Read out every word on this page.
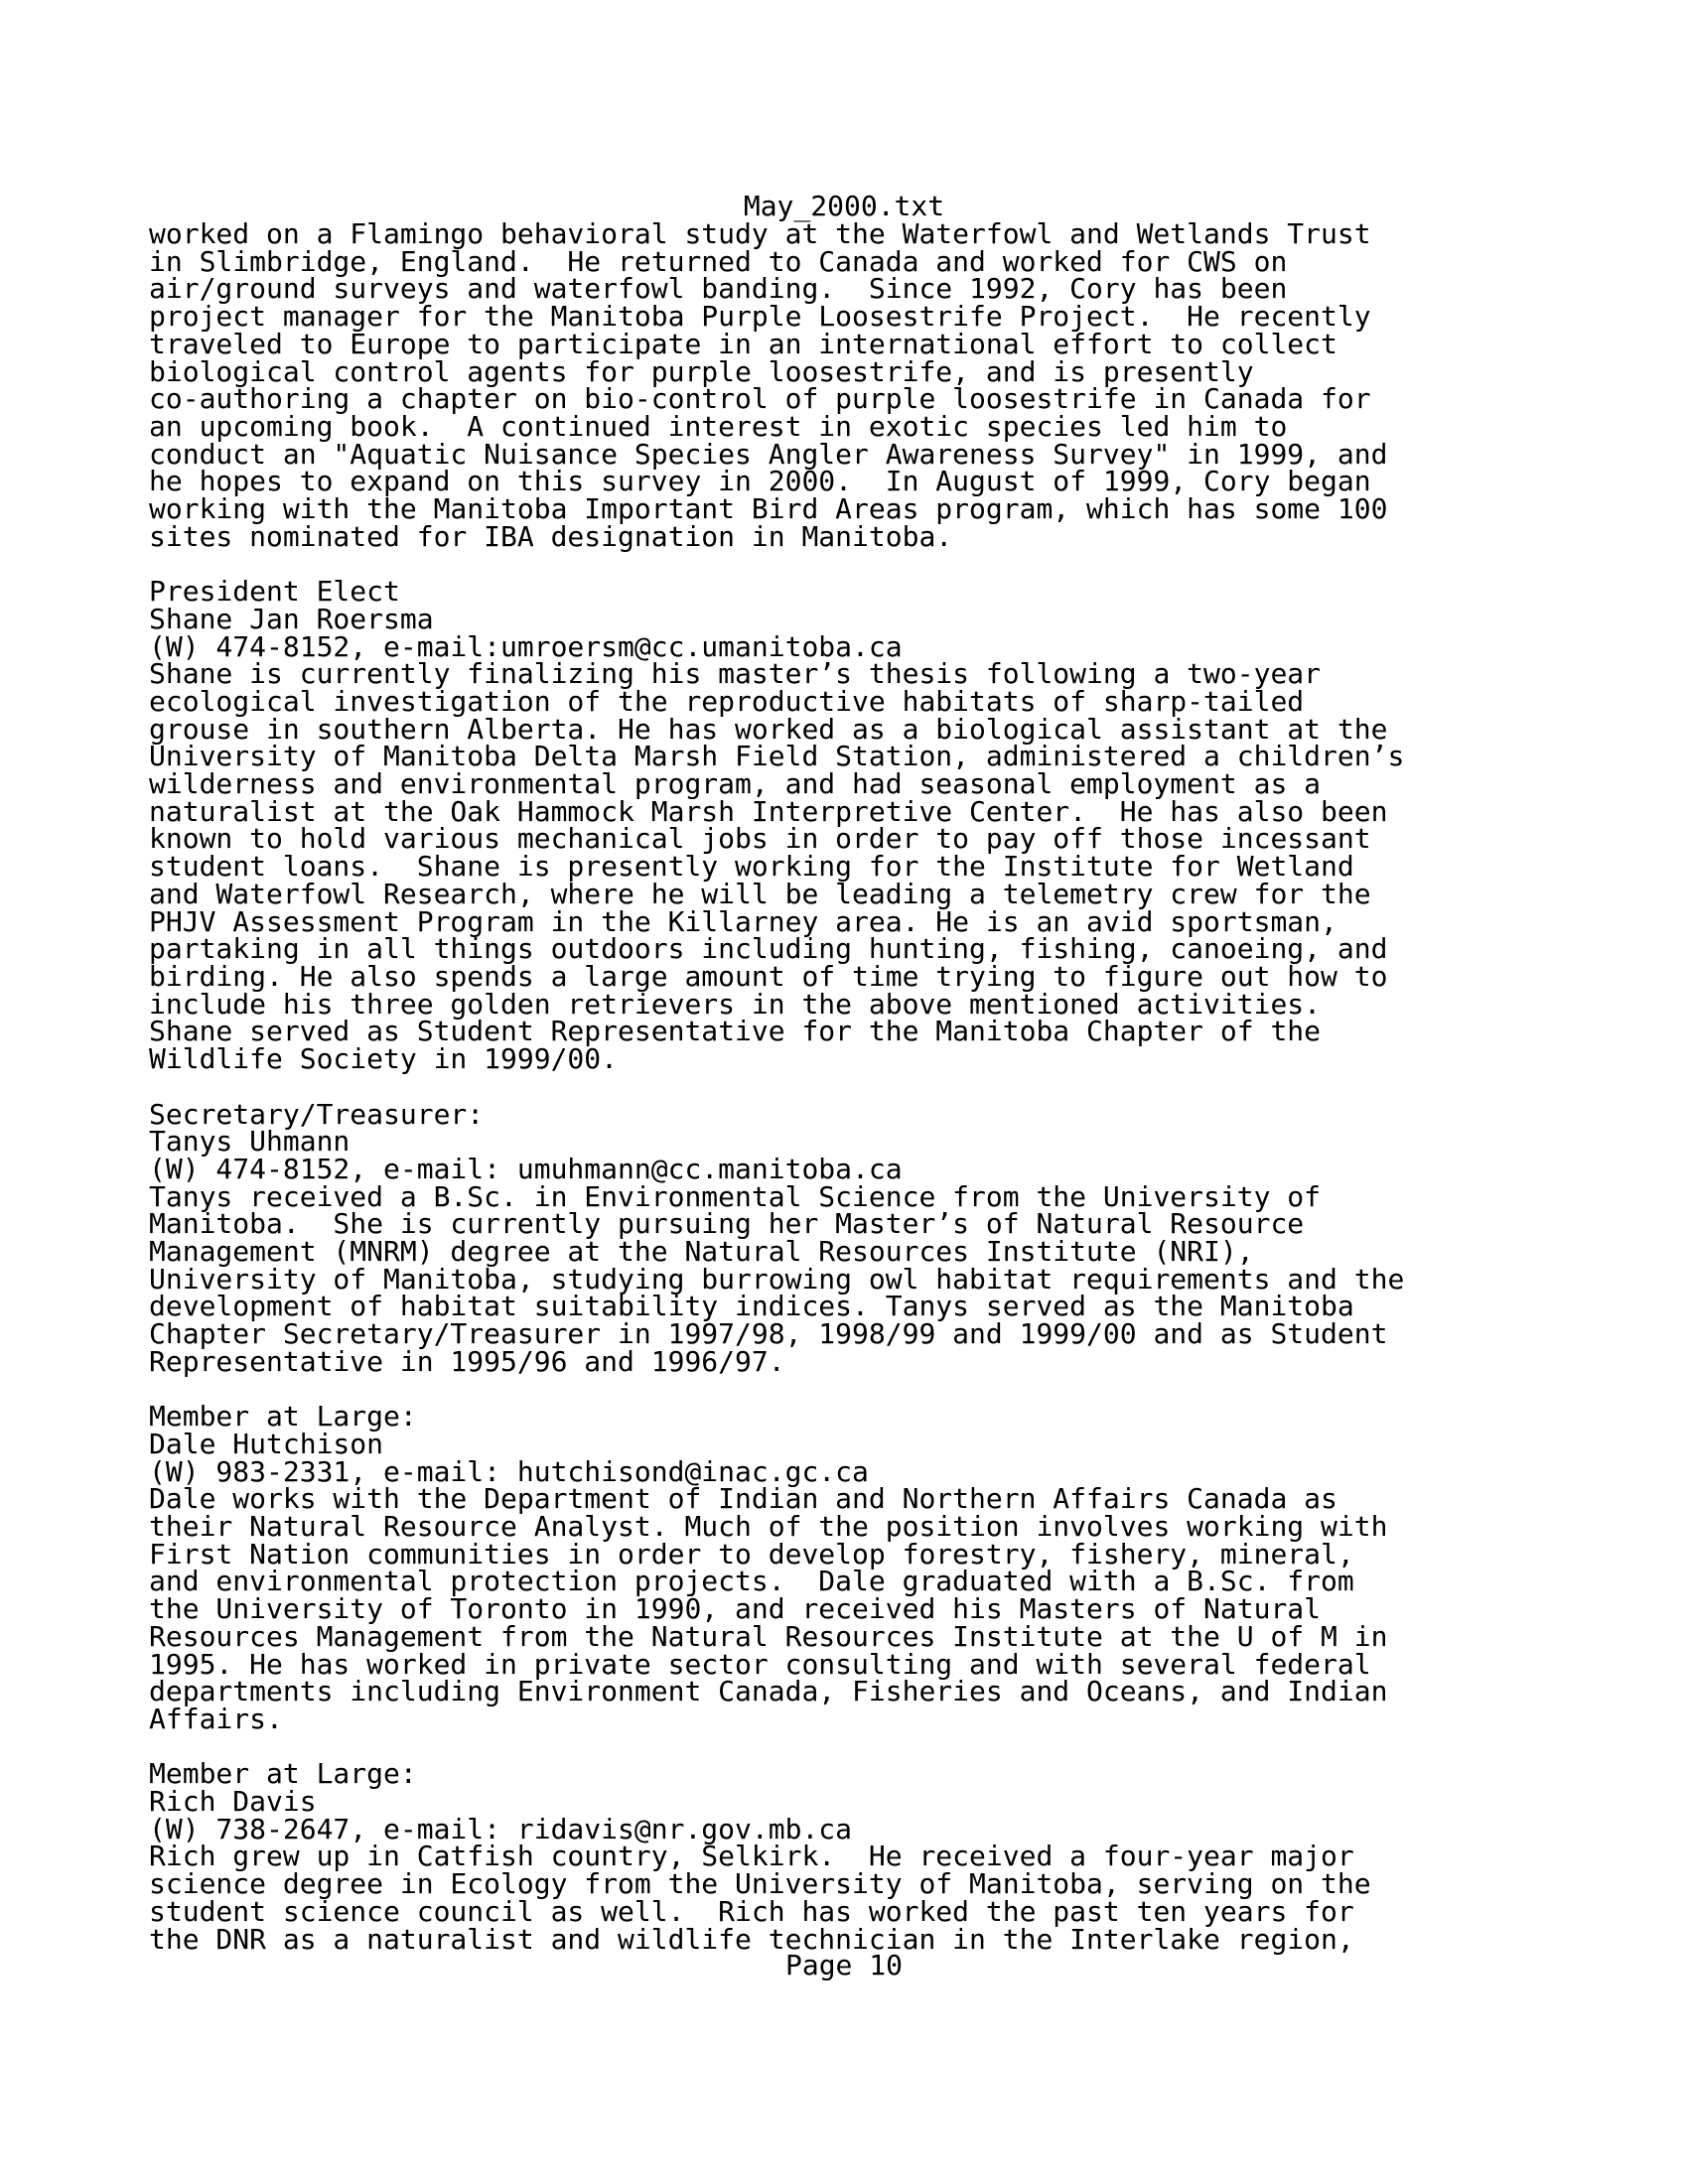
May_2000.txt
worked on a Flamingo behavioral study at the Waterfowl and Wetlands Trust
in Slimbridge, England.  He returned to Canada and worked for CWS on
air/ground surveys and waterfowl banding.  Since 1992, Cory has been
project manager for the Manitoba Purple Loosestrife Project.  He recently
traveled to Europe to participate in an international effort to collect
biological control agents for purple loosestrife, and is presently
co-authoring a chapter on bio-control of purple loosestrife in Canada for
an upcoming book.  A continued interest in exotic species led him to
conduct an "Aquatic Nuisance Species Angler Awareness Survey" in 1999, and
he hopes to expand on this survey in 2000.  In August of 1999, Cory began
working with the Manitoba Important Bird Areas program, which has some 100
sites nominated for IBA designation in Manitoba.

President Elect
Shane Jan Roersma
(W) 474-8152, e-mail:umroersm@cc.umanitoba.ca
Shane is currently finalizing his master’s thesis following a two-year
ecological investigation of the reproductive habitats of sharp-tailed
grouse in southern Alberta. He has worked as a biological assistant at the
University of Manitoba Delta Marsh Field Station, administered a children’s
wilderness and environmental program, and had seasonal employment as a
naturalist at the Oak Hammock Marsh Interpretive Center.  He has also been
known to hold various mechanical jobs in order to pay off those incessant
student loans.  Shane is presently working for the Institute for Wetland
and Waterfowl Research, where he will be leading a telemetry crew for the
PHJV Assessment Program in the Killarney area. He is an avid sportsman,
partaking in all things outdoors including hunting, fishing, canoeing, and
birding. He also spends a large amount of time trying to figure out how to
include his three golden retrievers in the above mentioned activities.
Shane served as Student Representative for the Manitoba Chapter of the
Wildlife Society in 1999/00.

Secretary/Treasurer:
Tanys Uhmann
(W) 474-8152, e-mail: umuhmann@cc.manitoba.ca
Tanys received a B.Sc. in Environmental Science from the University of
Manitoba.  She is currently pursuing her Master’s of Natural Resource
Management (MNRM) degree at the Natural Resources Institute (NRI),
University of Manitoba, studying burrowing owl habitat requirements and the
development of habitat suitability indices. Tanys served as the Manitoba
Chapter Secretary/Treasurer in 1997/98, 1998/99 and 1999/00 and as Student
Representative in 1995/96 and 1996/97.

Member at Large:
Dale Hutchison
(W) 983-2331, e-mail: hutchisond@inac.gc.ca
Dale works with the Department of Indian and Northern Affairs Canada as
their Natural Resource Analyst. Much of the position involves working with
First Nation communities in order to develop forestry, fishery, mineral,
and environmental protection projects.  Dale graduated with a B.Sc. from
the University of Toronto in 1990, and received his Masters of Natural
Resources Management from the Natural Resources Institute at the U of M in
1995. He has worked in private sector consulting and with several federal
departments including Environment Canada, Fisheries and Oceans, and Indian
Affairs.

Member at Large:
Rich Davis
(W) 738-2647, e-mail: ridavis@nr.gov.mb.ca
Rich grew up in Catfish country, Selkirk.  He received a four-year major
science degree in Ecology from the University of Manitoba, serving on the
student science council as well.  Rich has worked the past ten years for
the DNR as a naturalist and wildlife technician in the Interlake region,
Page 10
